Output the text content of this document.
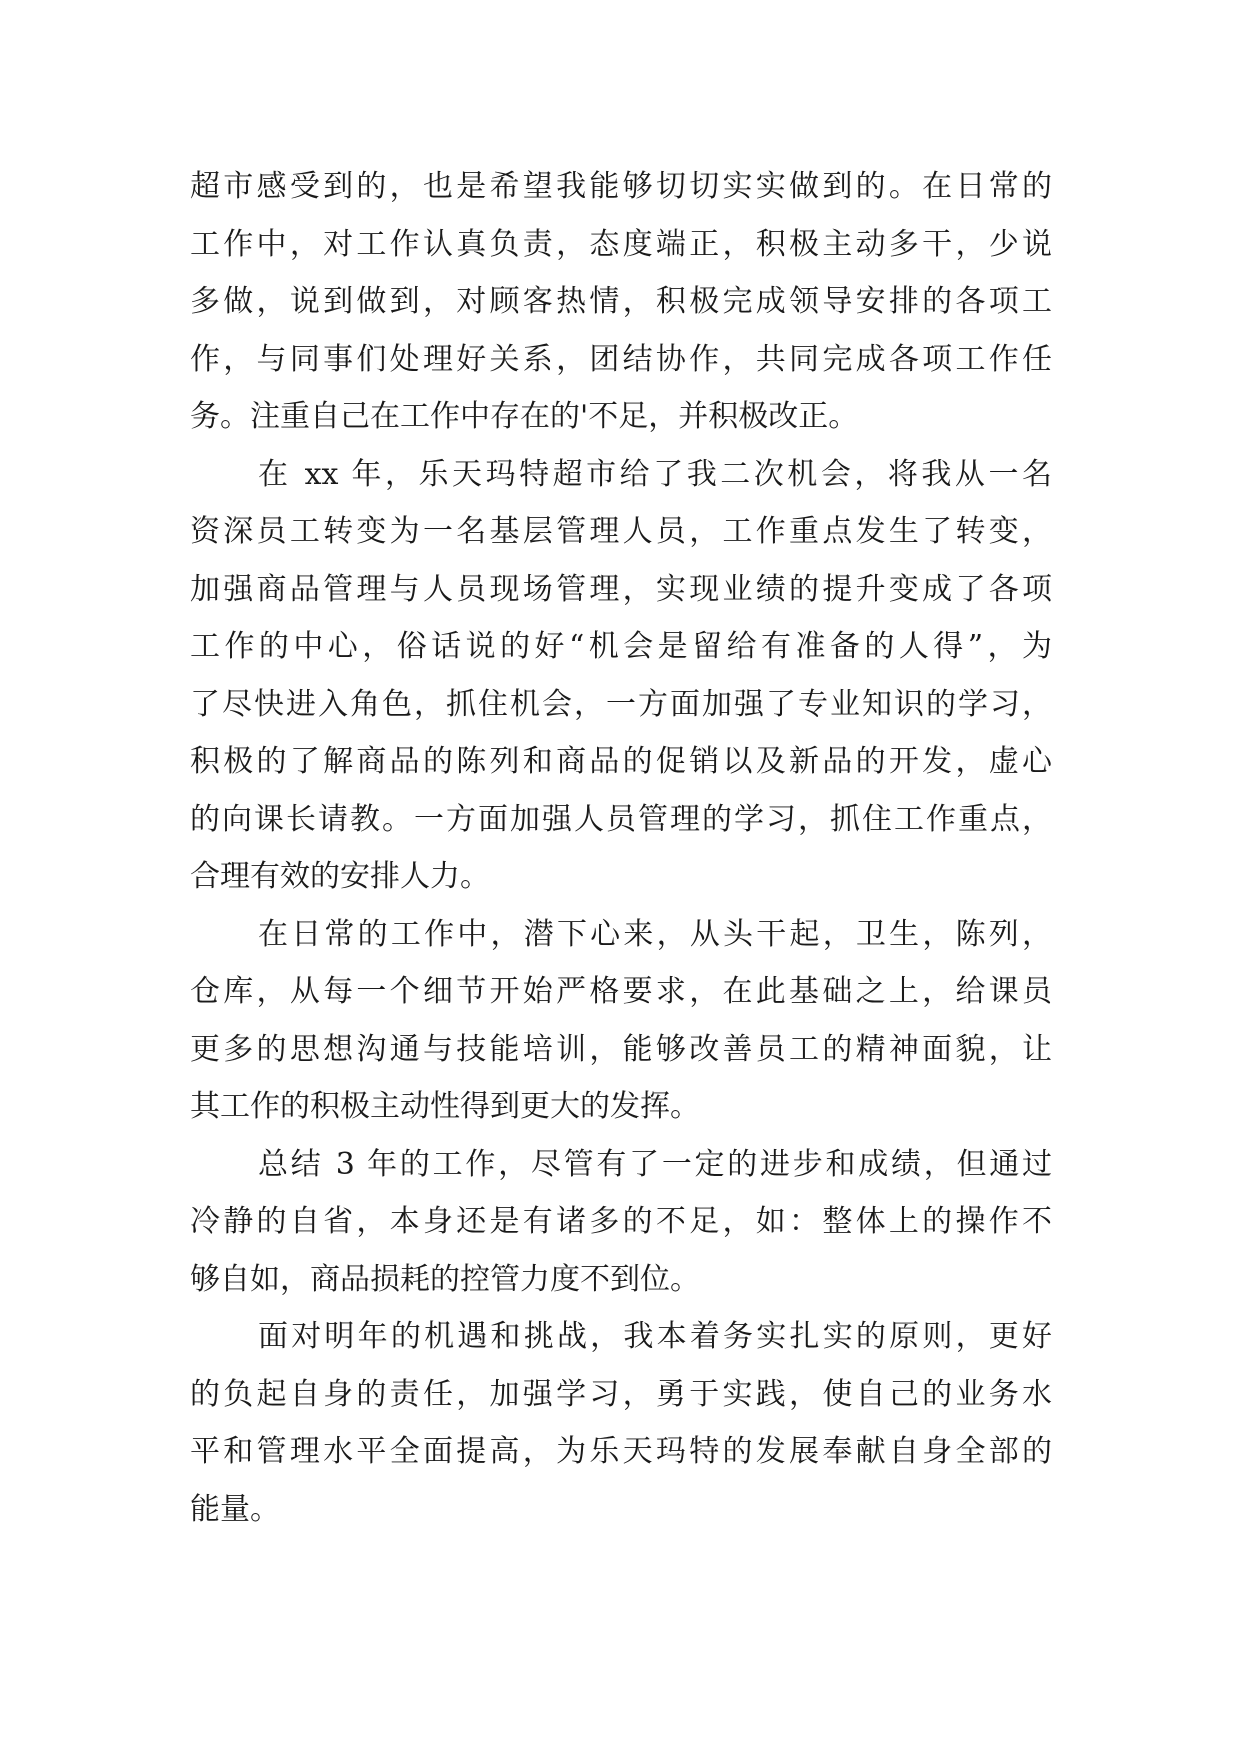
超市感受到的，也是希望我能够切切实实做到的。在日常的
工作中，对工作认真负责，态度端正，积极主动多干，少说
多做，说到做到，对顾客热情，积极完成领导安排的各项工
作，与同事们处理好关系，团结协作，共同完成各项工作任
务。注重自己在工作中存在的'不足，并积极改正。
在 xx 年，乐天玛特超市给了我二次机会，将我从一名
资深员工转变为一名基层管理人员，工作重点发生了转变，
加强商品管理与人员现场管理，实现业绩的提升变成了各项
工作的中心，俗话说的好“机会是留给有准备的人得”，为
了尽快进入角色，抓住机会，一方面加强了专业知识的学习，
积极的了解商品的陈列和商品的促销以及新品的开发，虚心
的向课长请教。一方面加强人员管理的学习，抓住工作重点，
合理有效的安排人力。
在日常的工作中，潜下心来，从头干起，卫生，陈列，
仓库，从每一个细节开始严格要求，在此基础之上，给课员
更多的思想沟通与技能培训，能够改善员工的精神面貌，让
其工作的积极主动性得到更大的发挥。
总结 3 年的工作，尽管有了一定的进步和成绩，但通过
冷静的自省，本身还是有诸多的不足，如：整体上的操作不
够自如，商品损耗的控管力度不到位。
面对明年的机遇和挑战，我本着务实扎实的原则，更好
的负起自身的责任，加强学习，勇于实践，使自己的业务水
平和管理水平全面提高，为乐天玛特的发展奉献自身全部的
能量。
